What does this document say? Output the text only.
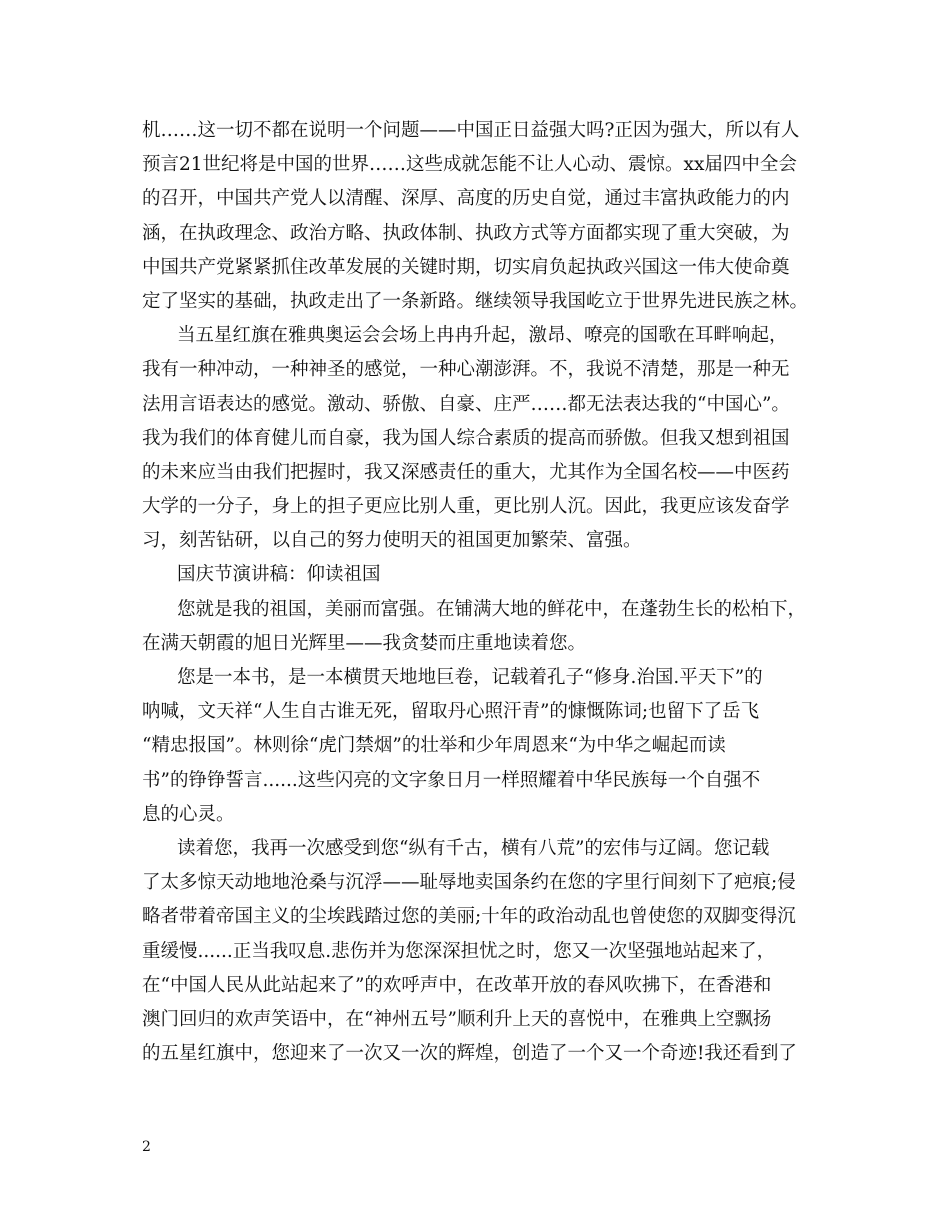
机……这一切不都在说明一个问题——中国正日益强大吗?正因为强大，所以有人
预言21世纪将是中国的世界……这些成就怎能不让人心动、震惊。xx届四中全会
的召开，中国共产党人以清醒、深厚、高度的历史自觉，通过丰富执政能力的内
涵，在执政理念、政治方略、执政体制、执政方式等方面都实现了重大突破，为
中国共产党紧紧抓住改革发展的关键时期，切实肩负起执政兴国这一伟大使命奠
定了坚实的基础，执政走出了一条新路。继续领导我国屹立于世界先进民族之林。
当五星红旗在雅典奥运会会场上冉冉升起，激昂、嘹亮的国歌在耳畔响起，
我有一种冲动，一种神圣的感觉，一种心潮澎湃。不，我说不清楚，那是一种无
法用言语表达的感觉。激动、骄傲、自豪、庄严……都无法表达我的“中国心”。
我为我们的体育健儿而自豪，我为国人综合素质的提高而骄傲。但我又想到祖国
的未来应当由我们把握时，我又深感责任的重大，尤其作为全国名校——中医药
大学的一分子，身上的担子更应比别人重，更比别人沉。因此，我更应该发奋学
习，刻苦钻研，以自己的努力使明天的祖国更加繁荣、富强。
国庆节演讲稿：仰读祖国
您就是我的祖国，美丽而富强。在铺满大地的鲜花中，在蓬勃生长的松柏下，
在满天朝霞的旭日光辉里——我贪婪而庄重地读着您。
您是一本书，是一本横贯天地地巨卷，记载着孔子“修身.治国.平天下”的
呐喊，文天祥“人生自古谁无死，留取丹心照汗青”的慷慨陈词;也留下了岳飞
“精忠报国”。林则徐“虎门禁烟”的壮举和少年周恩来“为中华之崛起而读
书”的铮铮誓言......这些闪亮的文字象日月一样照耀着中华民族每一个自强不
息的心灵。
读着您，我再一次感受到您“纵有千古，横有八荒”的宏伟与辽阔。您记载
了太多惊天动地地沧桑与沉浮——耻辱地卖国条约在您的字里行间刻下了疤痕;侵
略者带着帝国主义的尘埃践踏过您的美丽;十年的政治动乱也曾使您的双脚变得沉
重缓慢......正当我叹息.悲伤并为您深深担忧之时，您又一次坚强地站起来了，
在“中国人民从此站起来了”的欢呼声中，在改革开放的春风吹拂下，在香港和
澳门回归的欢声笑语中，在“神州五号”顺利升上天的喜悦中，在雅典上空飘扬
的五星红旗中，您迎来了一次又一次的辉煌，创造了一个又一个奇迹!我还看到了
2
